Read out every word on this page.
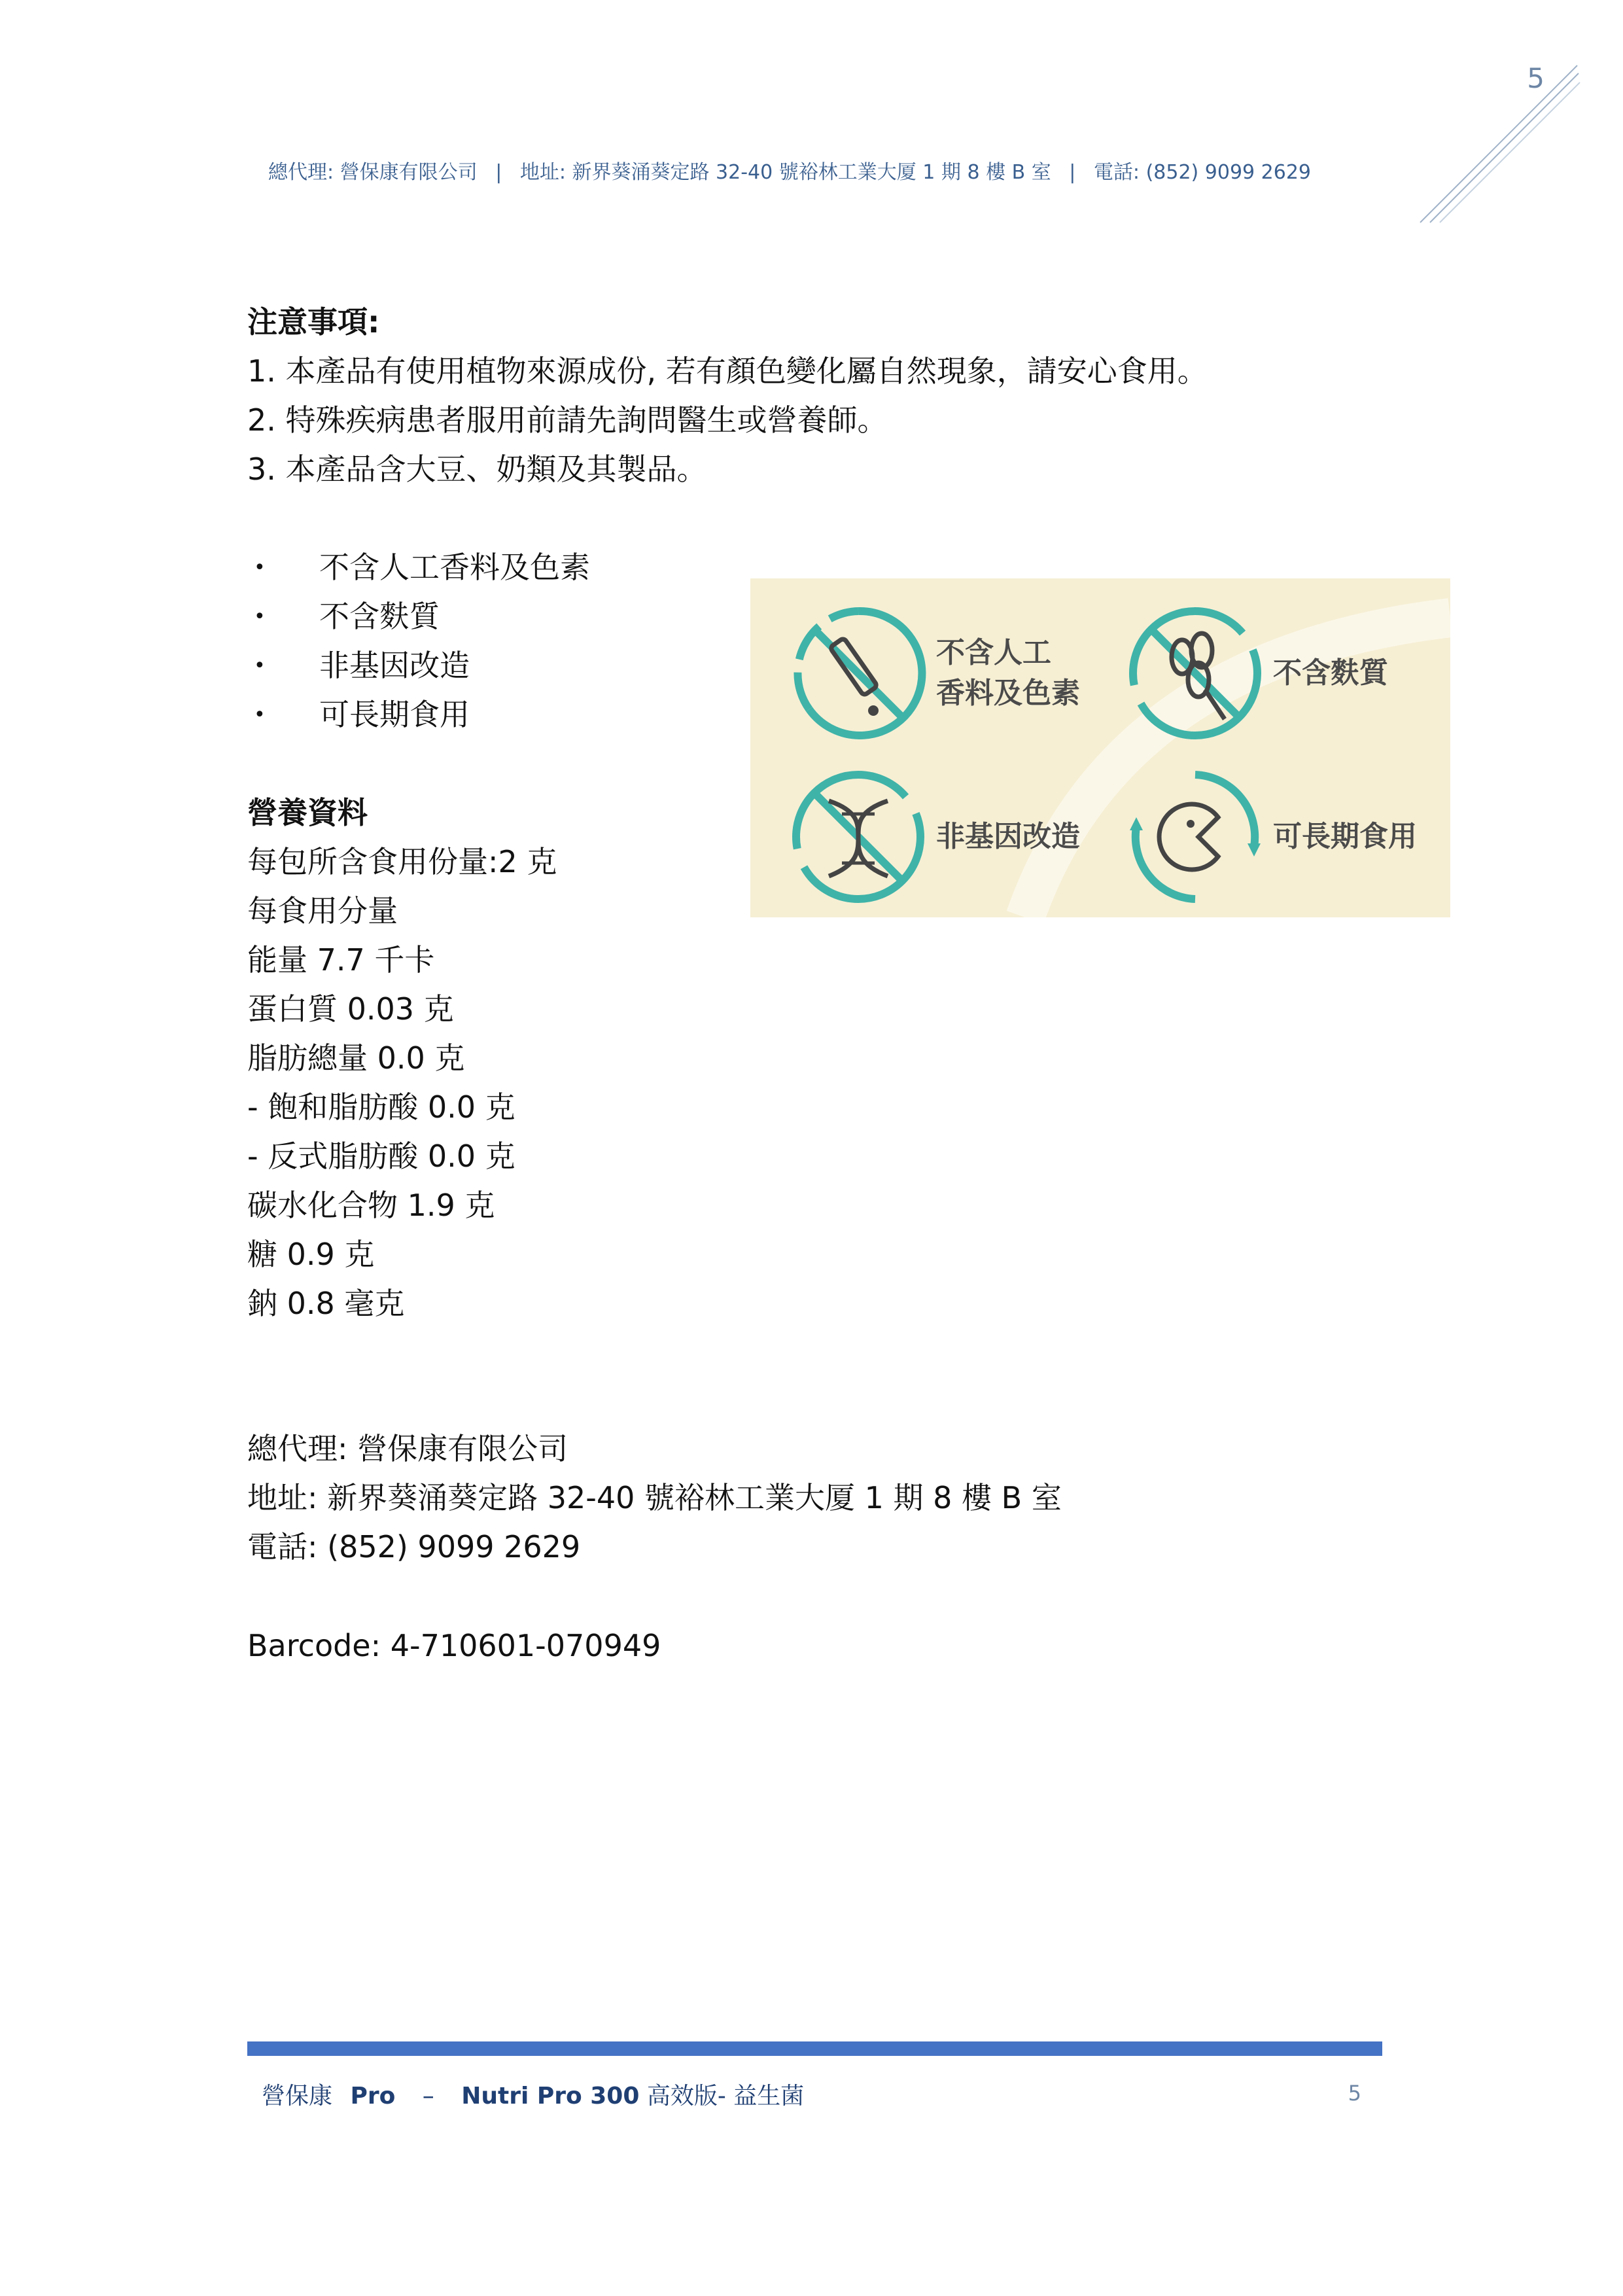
5
總代理: 營保康有限公司 | 地址: 新界葵涌葵定路 32-40 號裕林工業大厦 1 期 8 樓 B 室 | 電話: (852) 9099 2629
注意事項:
1. 本產品有使用植物來源成份, 若有顏色變化屬自然現象，請安心食用。
2. 特殊疾病患者服用前請先詢問醫生或營養師。
3. 本產品含大豆、奶類及其製品。
•	不含人工香料及色素
•	不含麩質
•	非基因改造
•	可長期食用
不含人工
香料及色素
不含麩質
非基因改造	可長期食用
營養資料
每包所含食用份量:2 克
每食用分量
能量 7.7 千卡
蛋白質 0.03 克
脂肪總量 0.0 克
- 飽和脂肪酸 0.0 克
- 反式脂肪酸 0.0 克
碳水化合物 1.9 克
糖 0.9 克
鈉 0.8 毫克
總代理: 營保康有限公司
地址: 新界葵涌葵定路 32-40 號裕林工業大厦 1 期 8 樓 B 室
電話: (852) 9099 2629
Barcode: 4-710601-070949
營保康 Pro – Nutri Pro 300 高效版- 益生菌	5
